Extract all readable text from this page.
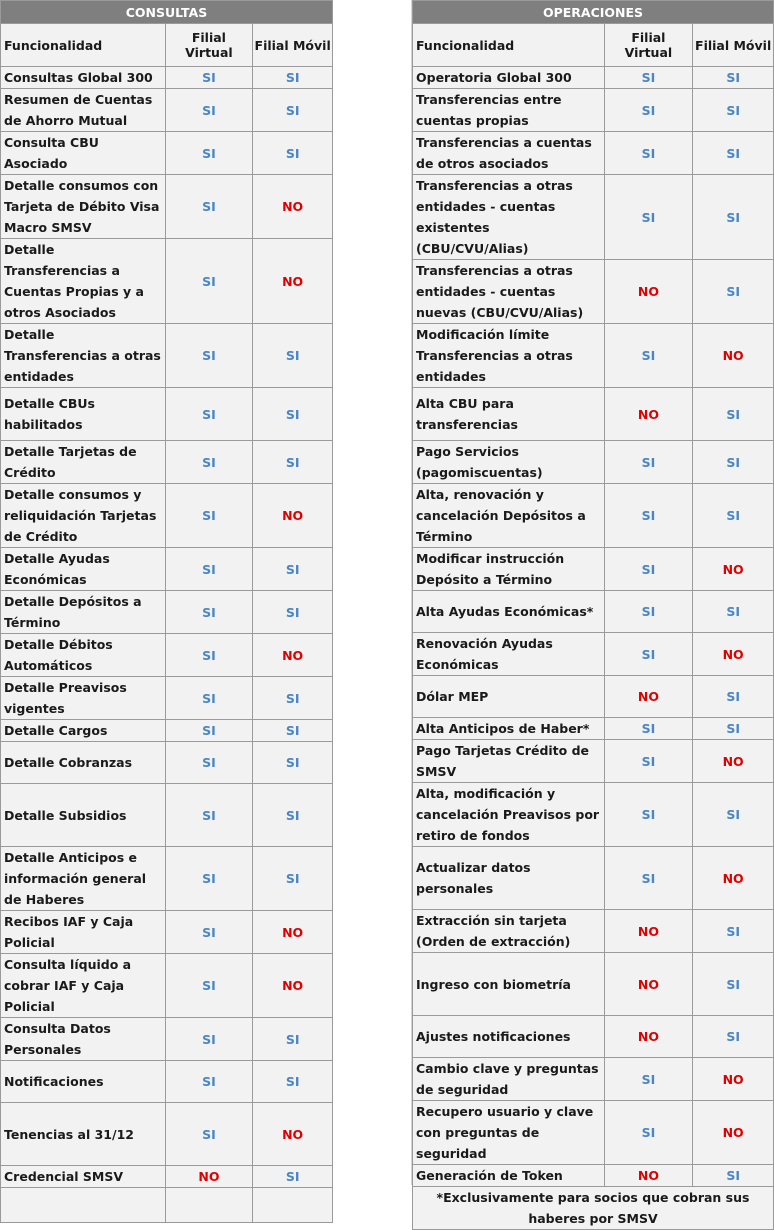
CONSULTAS		
Funcionalidad	Filial Virtual	Filial Móvil
Consultas Global 300	SI	SI
Resumen de Cuentas de Ahorro Mutual	SI	SI
Consulta CBU Asociado	SI	SI
Detalle consumos con Tarjeta de Débito Visa Macro SMSV	SI	NO
Detalle Transferencias a Cuentas Propias y a otros Asociados	SI	NO
Detalle Transferencias a otras entidades	SI	SI
Detalle CBUs habilitados	SI	SI
Detalle Tarjetas de Crédito	SI	SI
Detalle consumos y reliquidación Tarjetas de Crédito	SI	NO
Detalle Ayudas Económicas	SI	SI
Detalle Depósitos a Término	SI	SI
Detalle Débitos Automáticos	SI	NO
Detalle Preavisos vigentes	SI	SI
Detalle Cargos	SI	SI
Detalle Cobranzas	SI	SI
Detalle Subsidios	SI	SI
Detalle Anticipos e información general de Haberes	SI	SI
Recibos IAF y Caja Policial	SI	NO
Consulta líquido a cobrar IAF y Caja Policial	SI	NO
Consulta Datos Personales	SI	SI
Notificaciones	SI	SI
Tenencias al 31/12	SI	NO
Credencial SMSV	NO	SI

OPERACIONES		
Funcionalidad	Filial Virtual	Filial Móvil
Operatoria Global 300	SI	SI
Transferencias entre cuentas propias	SI	SI
Transferencias a cuentas de otros asociados	SI	SI
Transferencias a otras entidades - cuentas existentes (CBU/CVU/Alias)	SI	SI
Transferencias a otras entidades - cuentas nuevas (CBU/CVU/Alias)	NO	SI
Modificación límite Transferencias a otras entidades	SI	NO
Alta CBU para transferencias	NO	SI
Pago Servicios (pagomiscuentas)	SI	SI
Alta, renovación y cancelación Depósitos a Término	SI	SI
Modificar instrucción Depósito a Término	SI	NO
Alta Ayudas Económicas*	SI	SI
Renovación Ayudas Económicas	SI	NO
Dólar MEP	NO	SI
Alta Anticipos de Haber*	SI	SI
Pago Tarjetas Crédito de SMSV	SI	NO
Alta, modificación y cancelación Preavisos por retiro de fondos	SI	SI
Actualizar datos personales	SI	NO
Extracción sin tarjeta (Orden de extracción)	NO	SI
Ingreso con biometría	NO	SI
Ajustes notificaciones	NO	SI
Cambio clave y preguntas de seguridad	SI	NO
Recupero usuario y clave con preguntas de seguridad	SI	NO
Generación de Token	NO	SI
*Exclusivamente para socios que cobran sus haberes por SMSV		
